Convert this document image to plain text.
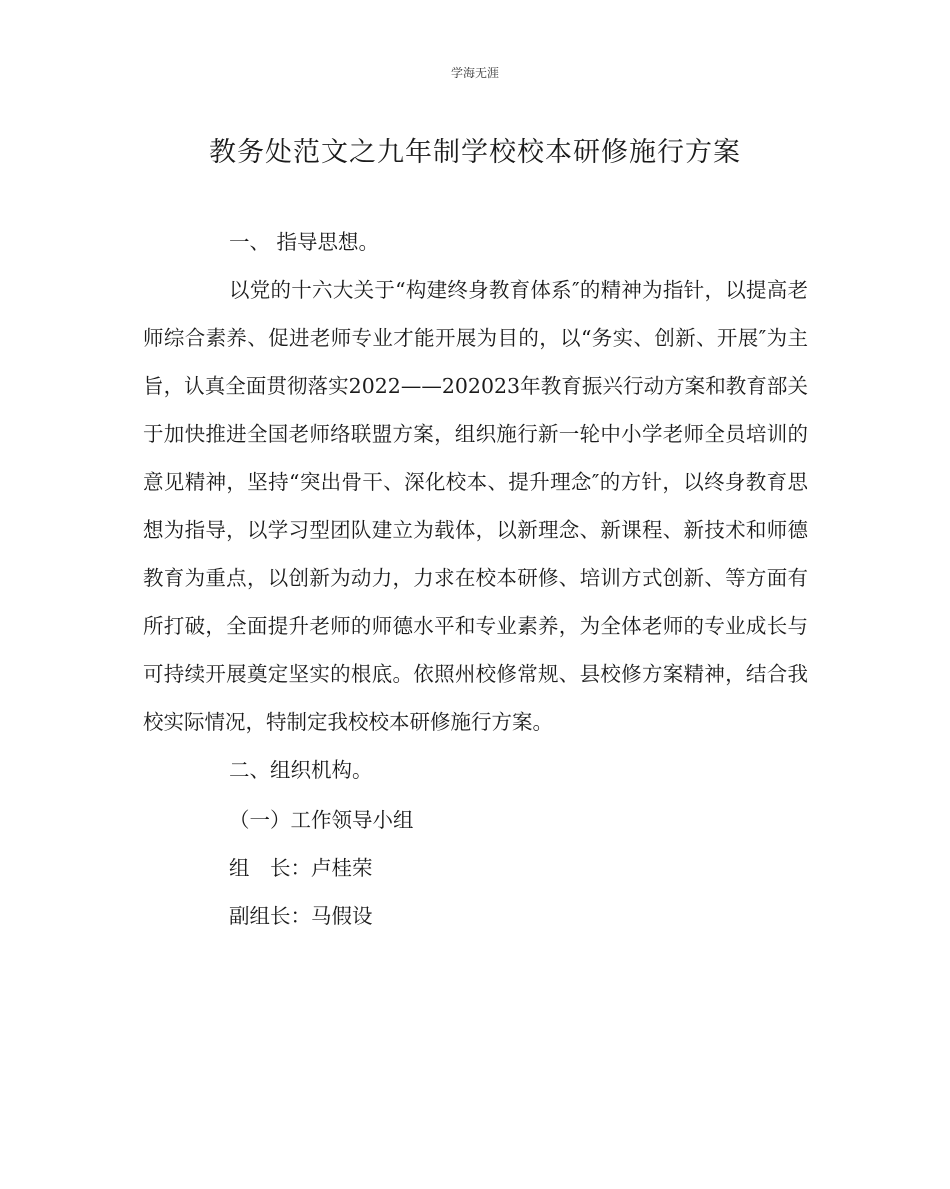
学海无涯
教务处范文之九年制学校校本研修施行方案

一、 指导思想。

以党的十六大关于“构建终身教育体系″的精神为指针，以提高老师综合素养、促进老师专业才能开展为目的，以“务实、创新、开展″为主旨，认真全面贯彻落实2022——202023年教育振兴行动方案和教育部关于加快推进全国老师络联盟方案，组织施行新一轮中小学老师全员培训的意见精神，坚持“突出骨干、深化校本、提升理念″的方针，以终身教育思想为指导，以学习型团队建立为载体，以新理念、新课程、新技术和师德教育为重点，以创新为动力，力求在校本研修、培训方式创新、等方面有所打破，全面提升老师的师德水平和专业素养，为全体老师的专业成长与可持续开展奠定坚实的根底。依照州校修常规、县校修方案精神，结合我校实际情况，特制定我校校本研修施行方案。

二、组织机构。

（一）工作领导小组

组　长：卢桂荣

副组长：马假设
